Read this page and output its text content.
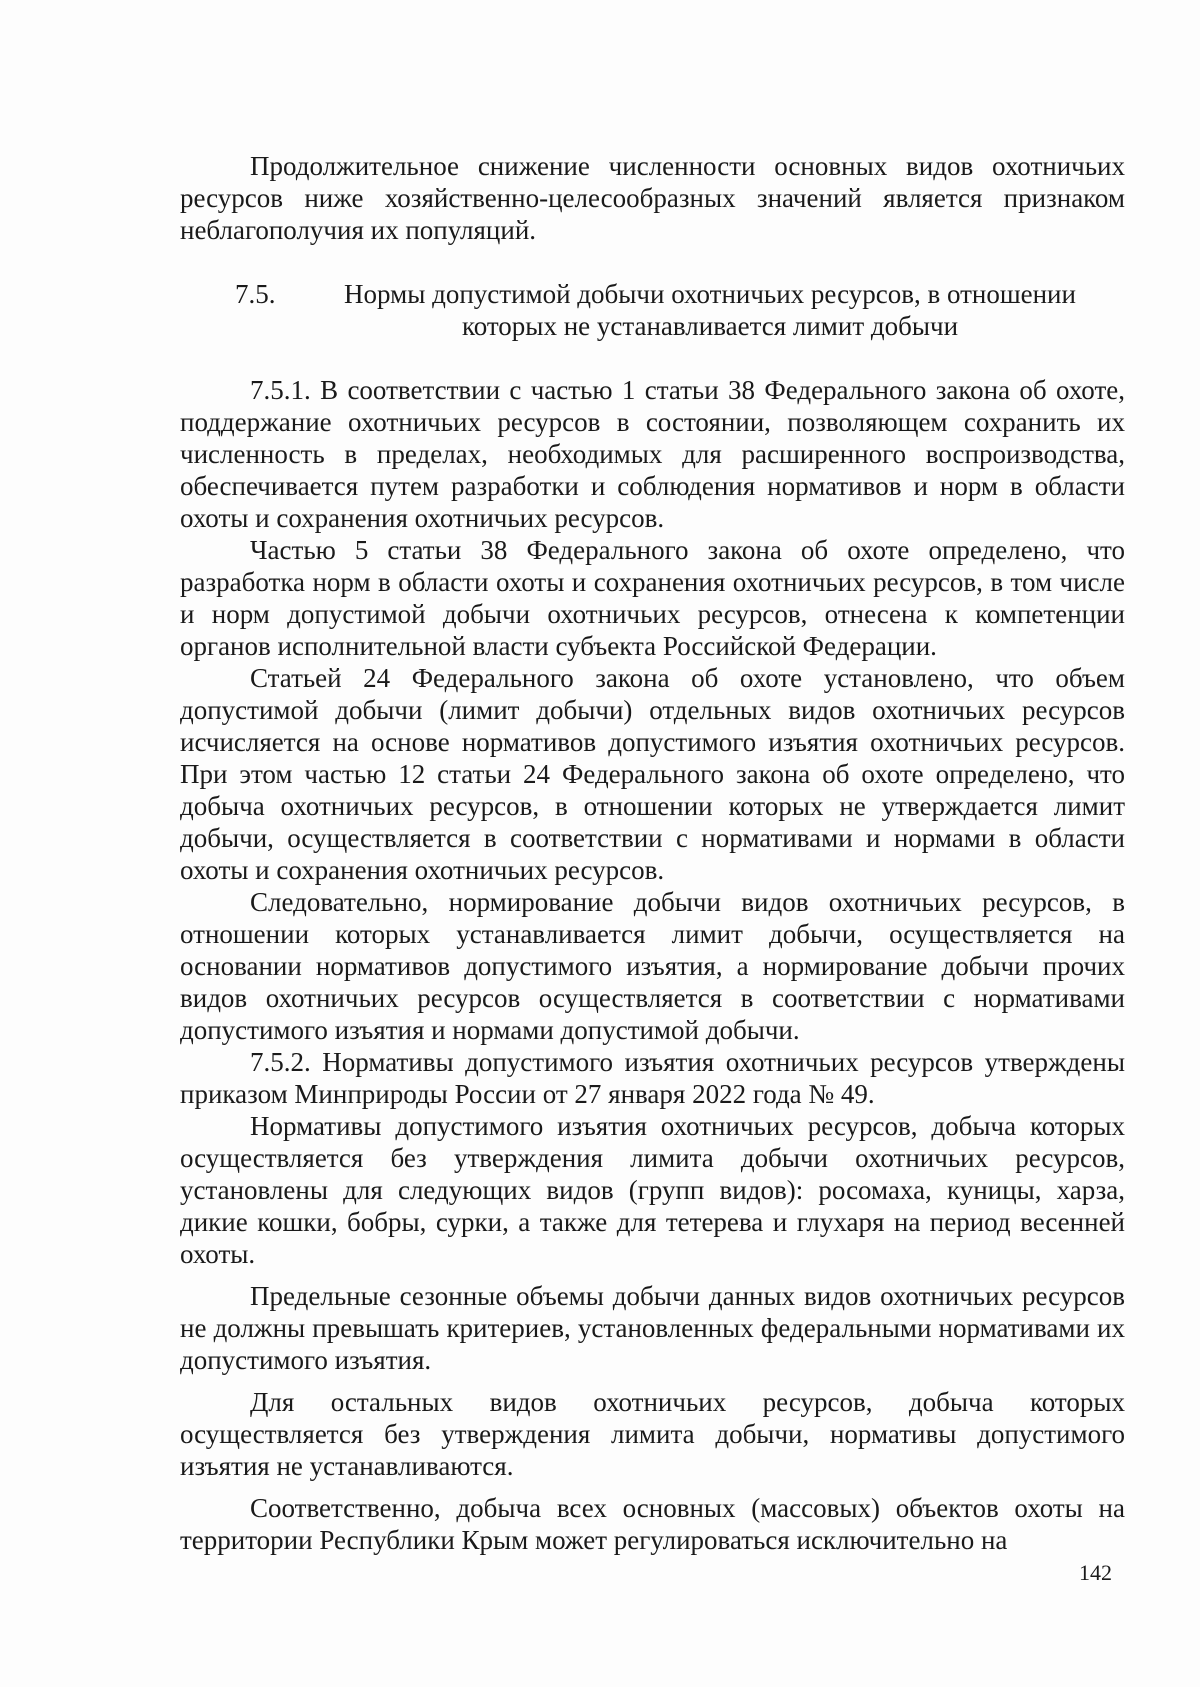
Продолжительное снижение численности основных видов охотничьих ресурсов ниже хозяйственно-целесообразных значений является признаком неблагополучия их популяций.

7.5.	Нормы допустимой добычи охотничьих ресурсов, в отношении
которых не устанавливается лимит добычи

7.5.1. В соответствии с частью 1 статьи 38 Федерального закона об охоте, поддержание охотничьих ресурсов в состоянии, позволяющем сохранить их численность в пределах, необходимых для расширенного воспроизводства, обеспечивается путем разработки и соблюдения нормативов и норм в области охоты и сохранения охотничьих ресурсов.

Частью 5 статьи 38 Федерального закона об охоте определено, что разработка норм в области охоты и сохранения охотничьих ресурсов, в том числе и норм допустимой добычи охотничьих ресурсов, отнесена к компетенции органов исполнительной власти субъекта Российской Федерации.

Статьей 24 Федерального закона об охоте установлено, что объем допустимой добычи (лимит добычи) отдельных видов охотничьих ресурсов исчисляется на основе нормативов допустимого изъятия охотничьих ресурсов. При этом частью 12 статьи 24 Федерального закона об охоте определено, что добыча охотничьих ресурсов, в отношении которых не утверждается лимит добычи, осуществляется в соответствии с нормативами и нормами в области охоты и сохранения охотничьих ресурсов.

Следовательно, нормирование добычи видов охотничьих ресурсов, в отношении которых устанавливается лимит добычи, осуществляется на основании нормативов допустимого изъятия, а нормирование добычи прочих видов охотничьих ресурсов осуществляется в соответствии с нормативами допустимого изъятия и нормами допустимой добычи.

7.5.2. Нормативы допустимого изъятия охотничьих ресурсов утверждены приказом Минприроды России от 27 января 2022 года № 49.

Нормативы допустимого изъятия охотничьих ресурсов, добыча которых осуществляется без утверждения лимита добычи охотничьих ресурсов, установлены для следующих видов (групп видов): росомаха, куницы, харза, дикие кошки, бобры, сурки, а также для тетерева и глухаря на период весенней охоты.

Предельные сезонные объемы добычи данных видов охотничьих ресурсов не должны превышать критериев, установленных федеральными нормативами их допустимого изъятия.

Для остальных видов охотничьих ресурсов, добыча которых осуществляется без утверждения лимита добычи, нормативы допустимого изъятия не устанавливаются.

Соответственно, добыча всех основных (массовых) объектов охоты на территории Республики Крым может регулироваться исключительно на

142
